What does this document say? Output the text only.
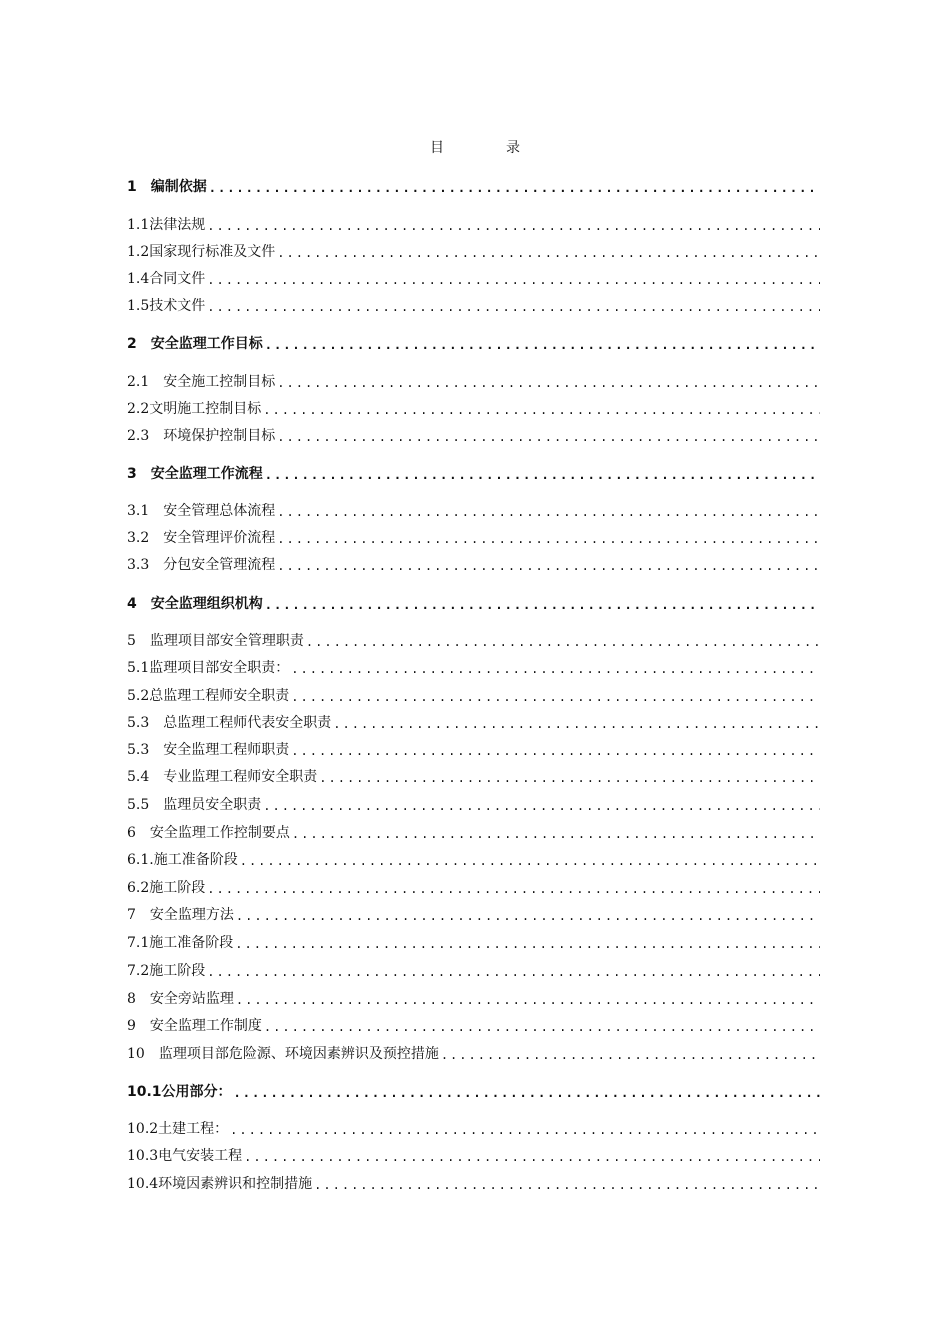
目　录
1　 编制依据
.....
1.1 法律法规
.....
1.2 国家现行标准及文件
.....
1.4 合同文件
.....
1.5 技术文件
.....
2　 安全监理工作目标
.....
2.1　 安全施工控制目标
.....
2.2 文明施工控制目标
.....
2.3　 环境保护控制目标
.....
3　 安全监理工作流程
.....
3.1　 安全管理总体流程
.....
3.2　 安全管理评价流程
.....
3.3　 分包安全管理流程
.....
4　 安全监理组织机构
.....
5　 监理项目部安全管理职责
.....
5.1 监理项目部安全职责：
.....
5.2 总监理工程师安全职责
.....
5.3　 总监理工程师代表安全职责
.....
5.3　 安全监理工程师职责
.....
5.4　 专业监理工程师安全职责
.....
5.5　 监理员安全职责
.....
6　 安全监理工作控制要点
.....
6.1. 施工准备阶段
.....
6.2 施工阶段
.....
7　 安全监理方法
.....
7.1 施工准备阶段
.....
7.2 施工阶段
.....
8　 安全旁站监理
.....
9　 安全监理工作制度
.....
10　 监理项目部危险源、环境因素辨识及预控措施
.....
10.1 公用部分：
.....
10.2 土建工程：
.....
10.3 电气安装工程
.....
10.4 环境因素辨识和控制措施
.....
